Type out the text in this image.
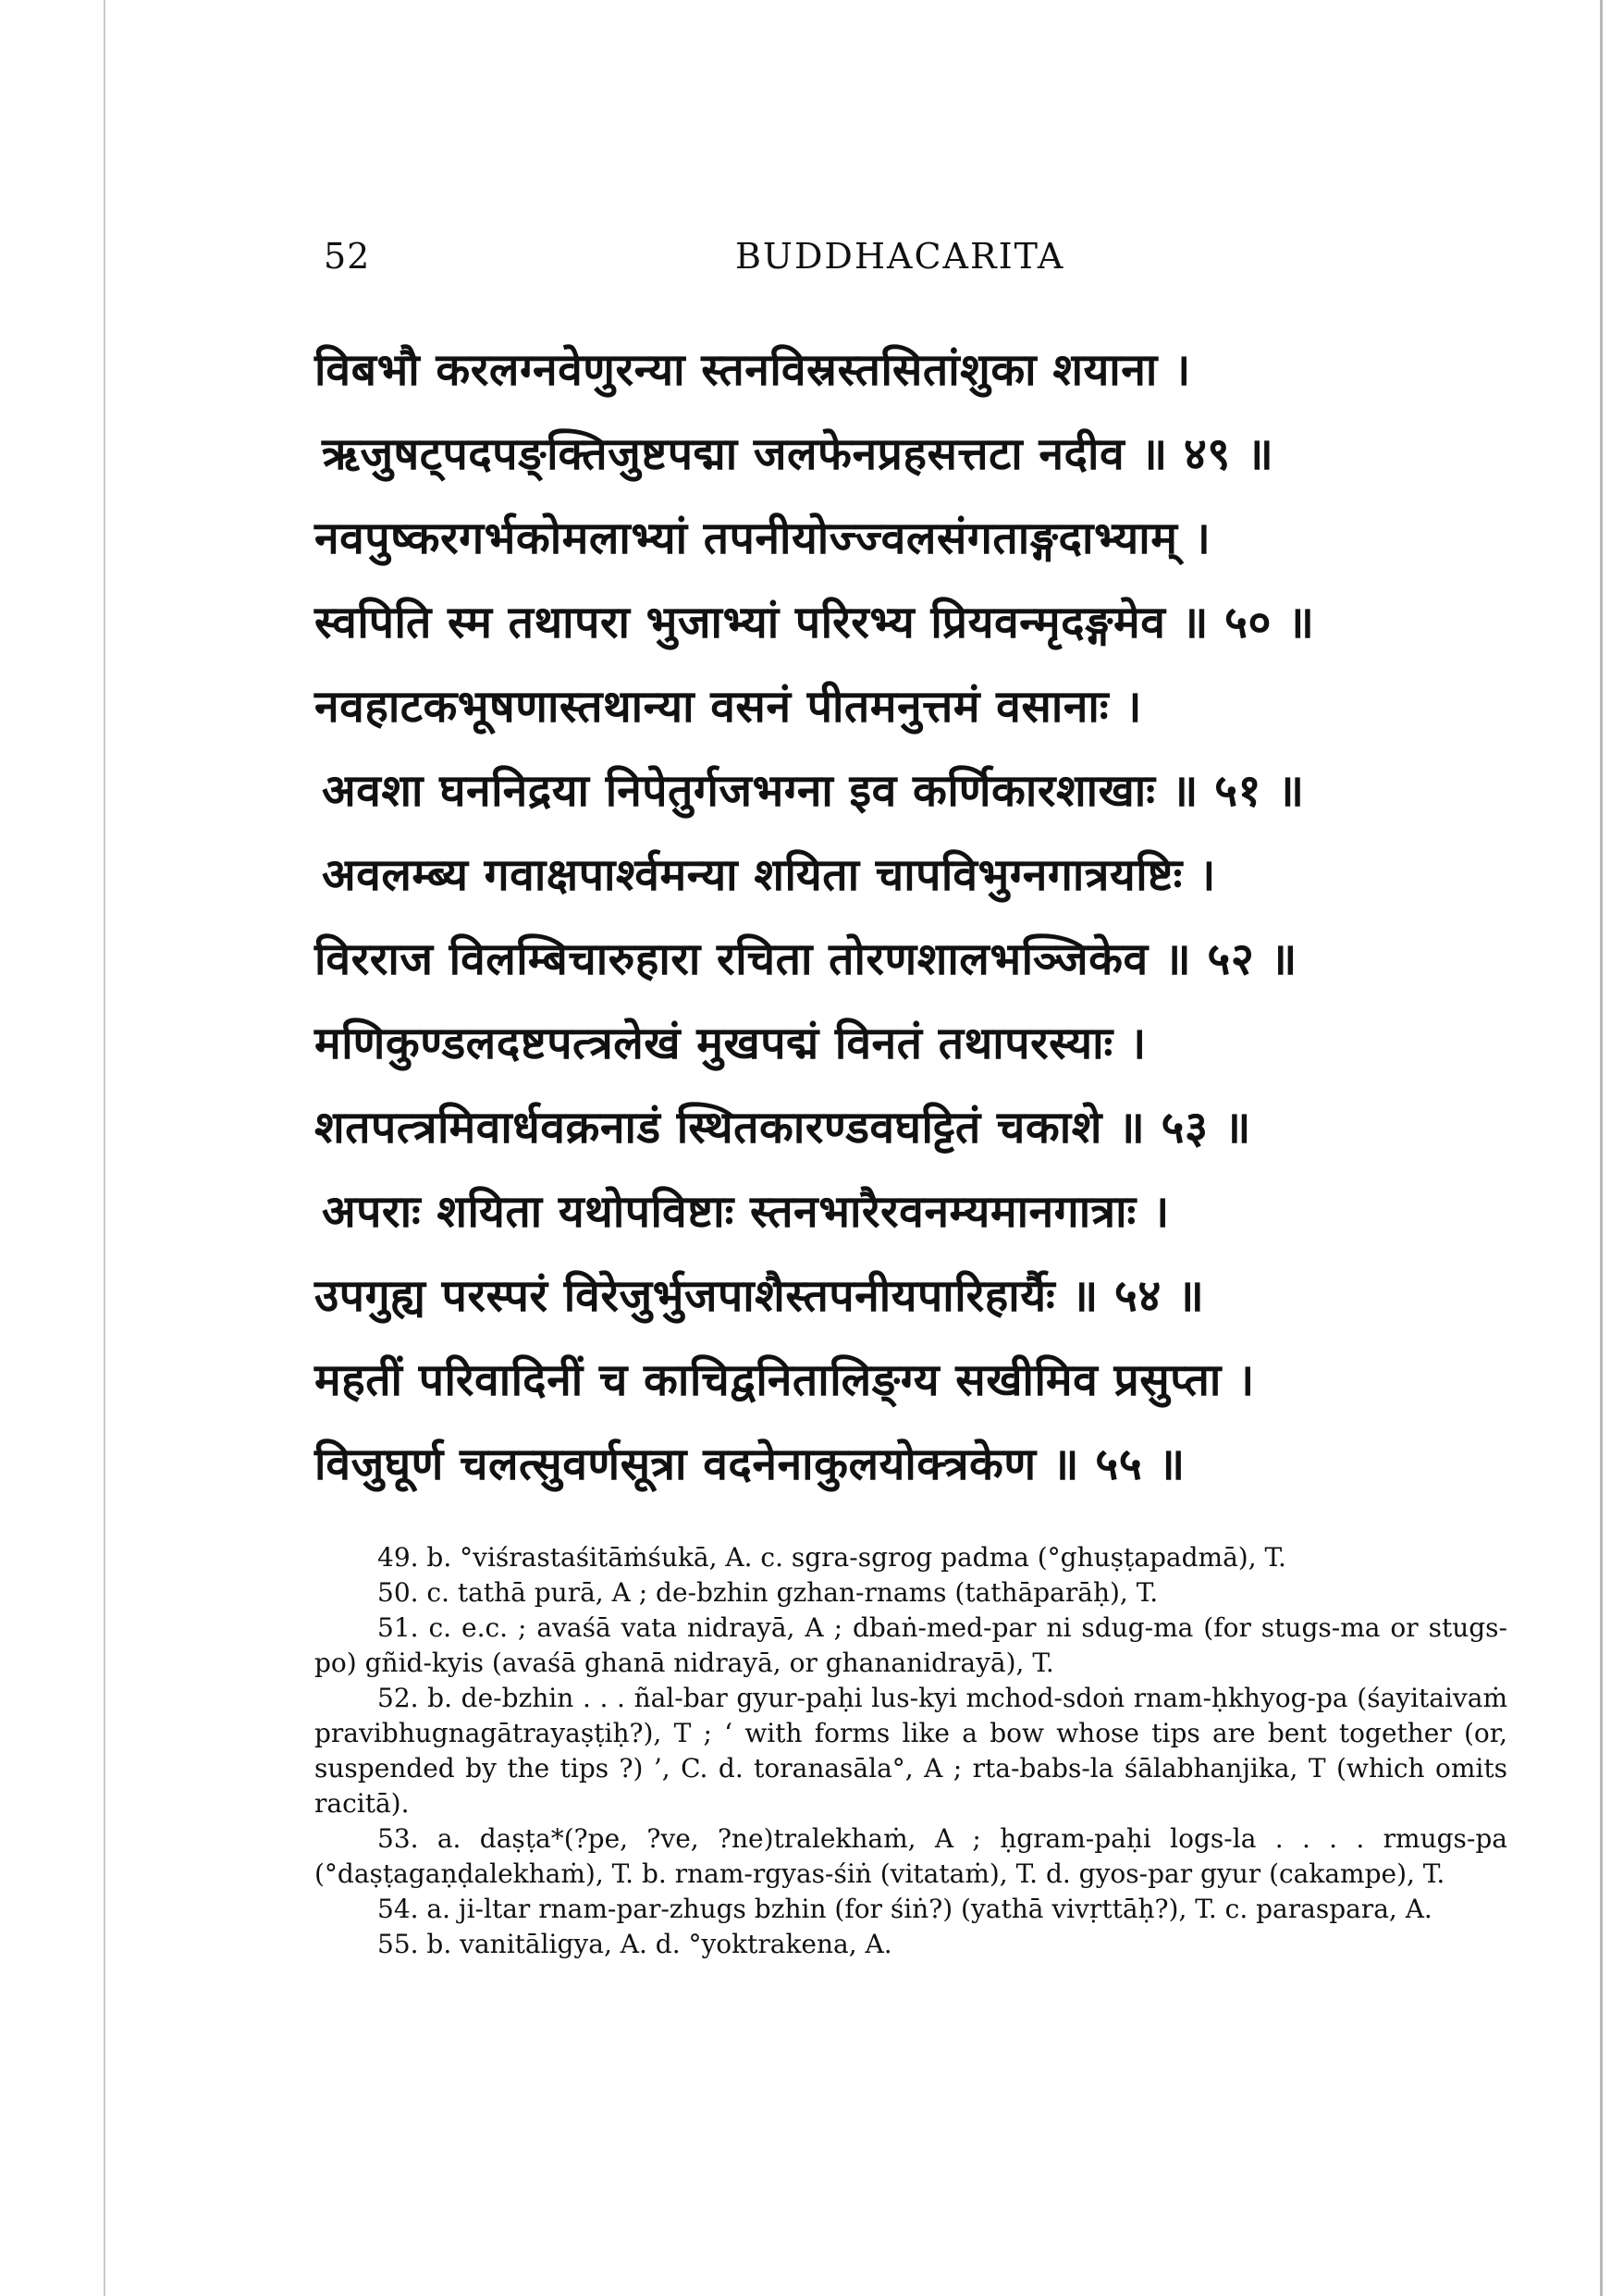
52	BUDDHACARITA
विबभौ करलग्नवेणुरन्या स्तनविस्रस्तसितांशुका शयाना ।
ऋजुषट्पदपङ्क्तिजुष्टपद्मा जलफेनप्रहसत्तटा नदीव ॥ ४९ ॥
नवपुष्करगर्भकोमलाभ्यां तपनीयोज्ज्वलसंगताङ्गदाभ्याम् ।
स्वपिति स्म तथापरा भुजाभ्यां परिरभ्य प्रियवन्मृदङ्गमेव ॥ ५० ॥
नवहाटकभूषणास्तथान्या वसनं पीतमनुत्तमं वसानाः ।
अवशा घननिद्रया निपेतुर्गजभग्ना इव कर्णिकारशाखाः ॥ ५१ ॥
अवलम्ब्य गवाक्षपार्श्वमन्या शयिता चापविभुग्नगात्रयष्टिः ।
विरराज विलम्बिचारुहारा रचिता तोरणशालभञ्जिकेव ॥ ५२ ॥
मणिकुण्डलदष्टपत्त्रलेखं मुखपद्मं विनतं तथापरस्याः ।
शतपत्त्रमिवार्धवक्रनाडं स्थितकारण्डवघट्टितं चकाशे ॥ ५३ ॥
अपराः शयिता यथोपविष्टाः स्तनभारैरवनम्यमानगात्राः ।
उपगुह्य परस्परं विरेजुर्भुजपाशैस्तपनीयपारिहार्यैः ॥ ५४ ॥
महतीं परिवादिनीं च काचिद्वनितालिङ्ग्य सखीमिव प्रसुप्ता ।
विजुघूर्ण चलत्सुवर्णसूत्रा वदनेनाकुलयोक्त्रकेण ॥ ५५ ॥
49. b. °viśrastaśitāṁśukā, A. c. sgra-sgrog padma (°ghuṣṭapadmā), T.
50. c. tathā purā, A ; de-bzhin gzhan-rnams (tathāparāḥ), T.
51. c. e.c. ; avaśā vata nidrayā, A ; dbaṅ-med-par ni sdug-ma (for stugs-ma or stugs-po) gñid-kyis (avaśā ghanā nidrayā, or ghananidrayā), T.
52. b. de-bzhin . . . ñal-bar gyur-paḥi lus-kyi mchod-sdoṅ rnam-ḥkhyog-pa (śayitaivaṁ pravibhugnagātrayaṣṭiḥ?), T ; ‘ with forms like a bow whose tips are bent together (or, suspended by the tips ?) ’, C. d. toranasāla°, A ; rta-babs-la śālabhanjika, T (which omits racitā).
53. a. daṣṭa*(?pe, ?ve, ?ne)tralekhaṁ, A ; ḥgram-paḥi logs-la . . . . rmugs-pa (°daṣṭagaṇḍalekhaṁ), T. b. rnam-rgyas-śiṅ (vitataṁ), T. d. gyos-par gyur (cakampe), T.
54. a. ji-ltar rnam-par-zhugs bzhin (for śiṅ?) (yathā vivṛttāḥ?), T. c. paraspara, A.
55. b. vanitāligya, A. d. °yoktrakena, A.
